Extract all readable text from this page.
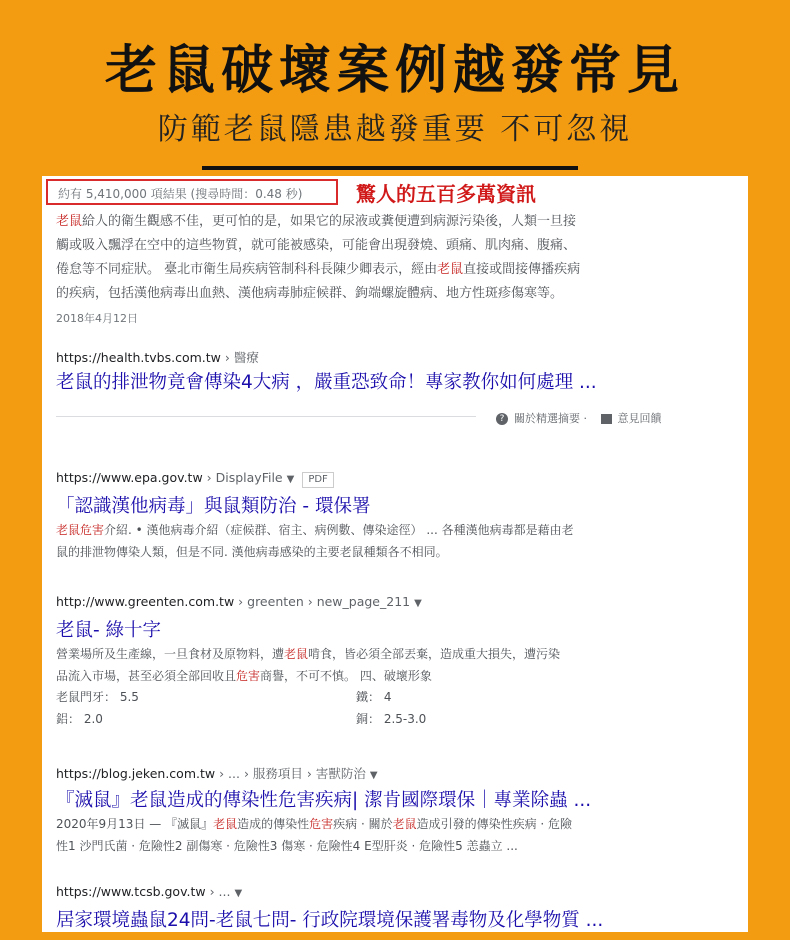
老鼠破壞案例越發常見
防範老鼠隱患越發重要 不可忽視
約有 5,410,000 項結果 (搜尋時間：0.48 秒)	驚人的五百多萬資訊
老鼠給人的衛生觀感不佳，更可怕的是，如果它的尿液或糞便遭到病源污染後，人類一旦接
觸或吸入飄浮在空中的這些物質，就可能被感染，可能會出現發燒、頭痛、肌肉痛、腹痛、
倦怠等不同症狀。 臺北市衛生局疾病管制科科長陳少卿表示，經由老鼠直接或間接傳播疾病
的疾病，包括漢他病毒出血熱、漢他病毒肺症候群、鉤端螺旋體病、地方性斑疹傷寒等。
2018年4月12日
https://health.tvbs.com.tw › 醫療
老鼠的排泄物竟會傳染4大病 ，嚴重恐致命！專家教你如何處理 ...
? 關於精選摘要 · 意見回饋
https://www.epa.gov.tw › DisplayFile ▼ PDF
「認識漢他病毒」與鼠類防治 - 環保署
老鼠危害介紹. • 漢他病毒介紹（症候群、宿主、病例數、傳染途徑） ... 各種漢他病毒都是藉由老
鼠的排泄物傳染人類，但是不同. 漢他病毒感染的主要老鼠種類各不相同。
http://www.greenten.com.tw › greenten › new_page_211 ▼
老鼠- 綠十字
營業場所及生產線，一旦食材及原物料，遭老鼠啃食，皆必須全部丟棄，造成重大損失，遭污染
品流入市場，甚至必須全部回收且危害商譽，不可不慎。 四、破壞形象
老鼠門牙： 5.5	鐵： 4
鋁： 2.0	銅： 2.5-3.0
https://blog.jeken.com.tw › ... › 服務項目 › 害獸防治 ▼
『滅鼠』老鼠造成的傳染性危害疾病| 潔肯國際環保｜專業除蟲 ...
2020年9月13日 — 『滅鼠』老鼠造成的傳染性危害疾病 · 關於老鼠造成引發的傳染性疾病 · 危險
性1 沙門氏菌 · 危險性2 副傷寒 · 危險性3 傷寒 · 危險性4 E型肝炎 · 危險性5 恙蟲立 ...
https://www.tcsb.gov.tw › ... ▼
居家環境蟲鼠24問-老鼠七問- 行政院環境保護署毒物及化學物質 ...
